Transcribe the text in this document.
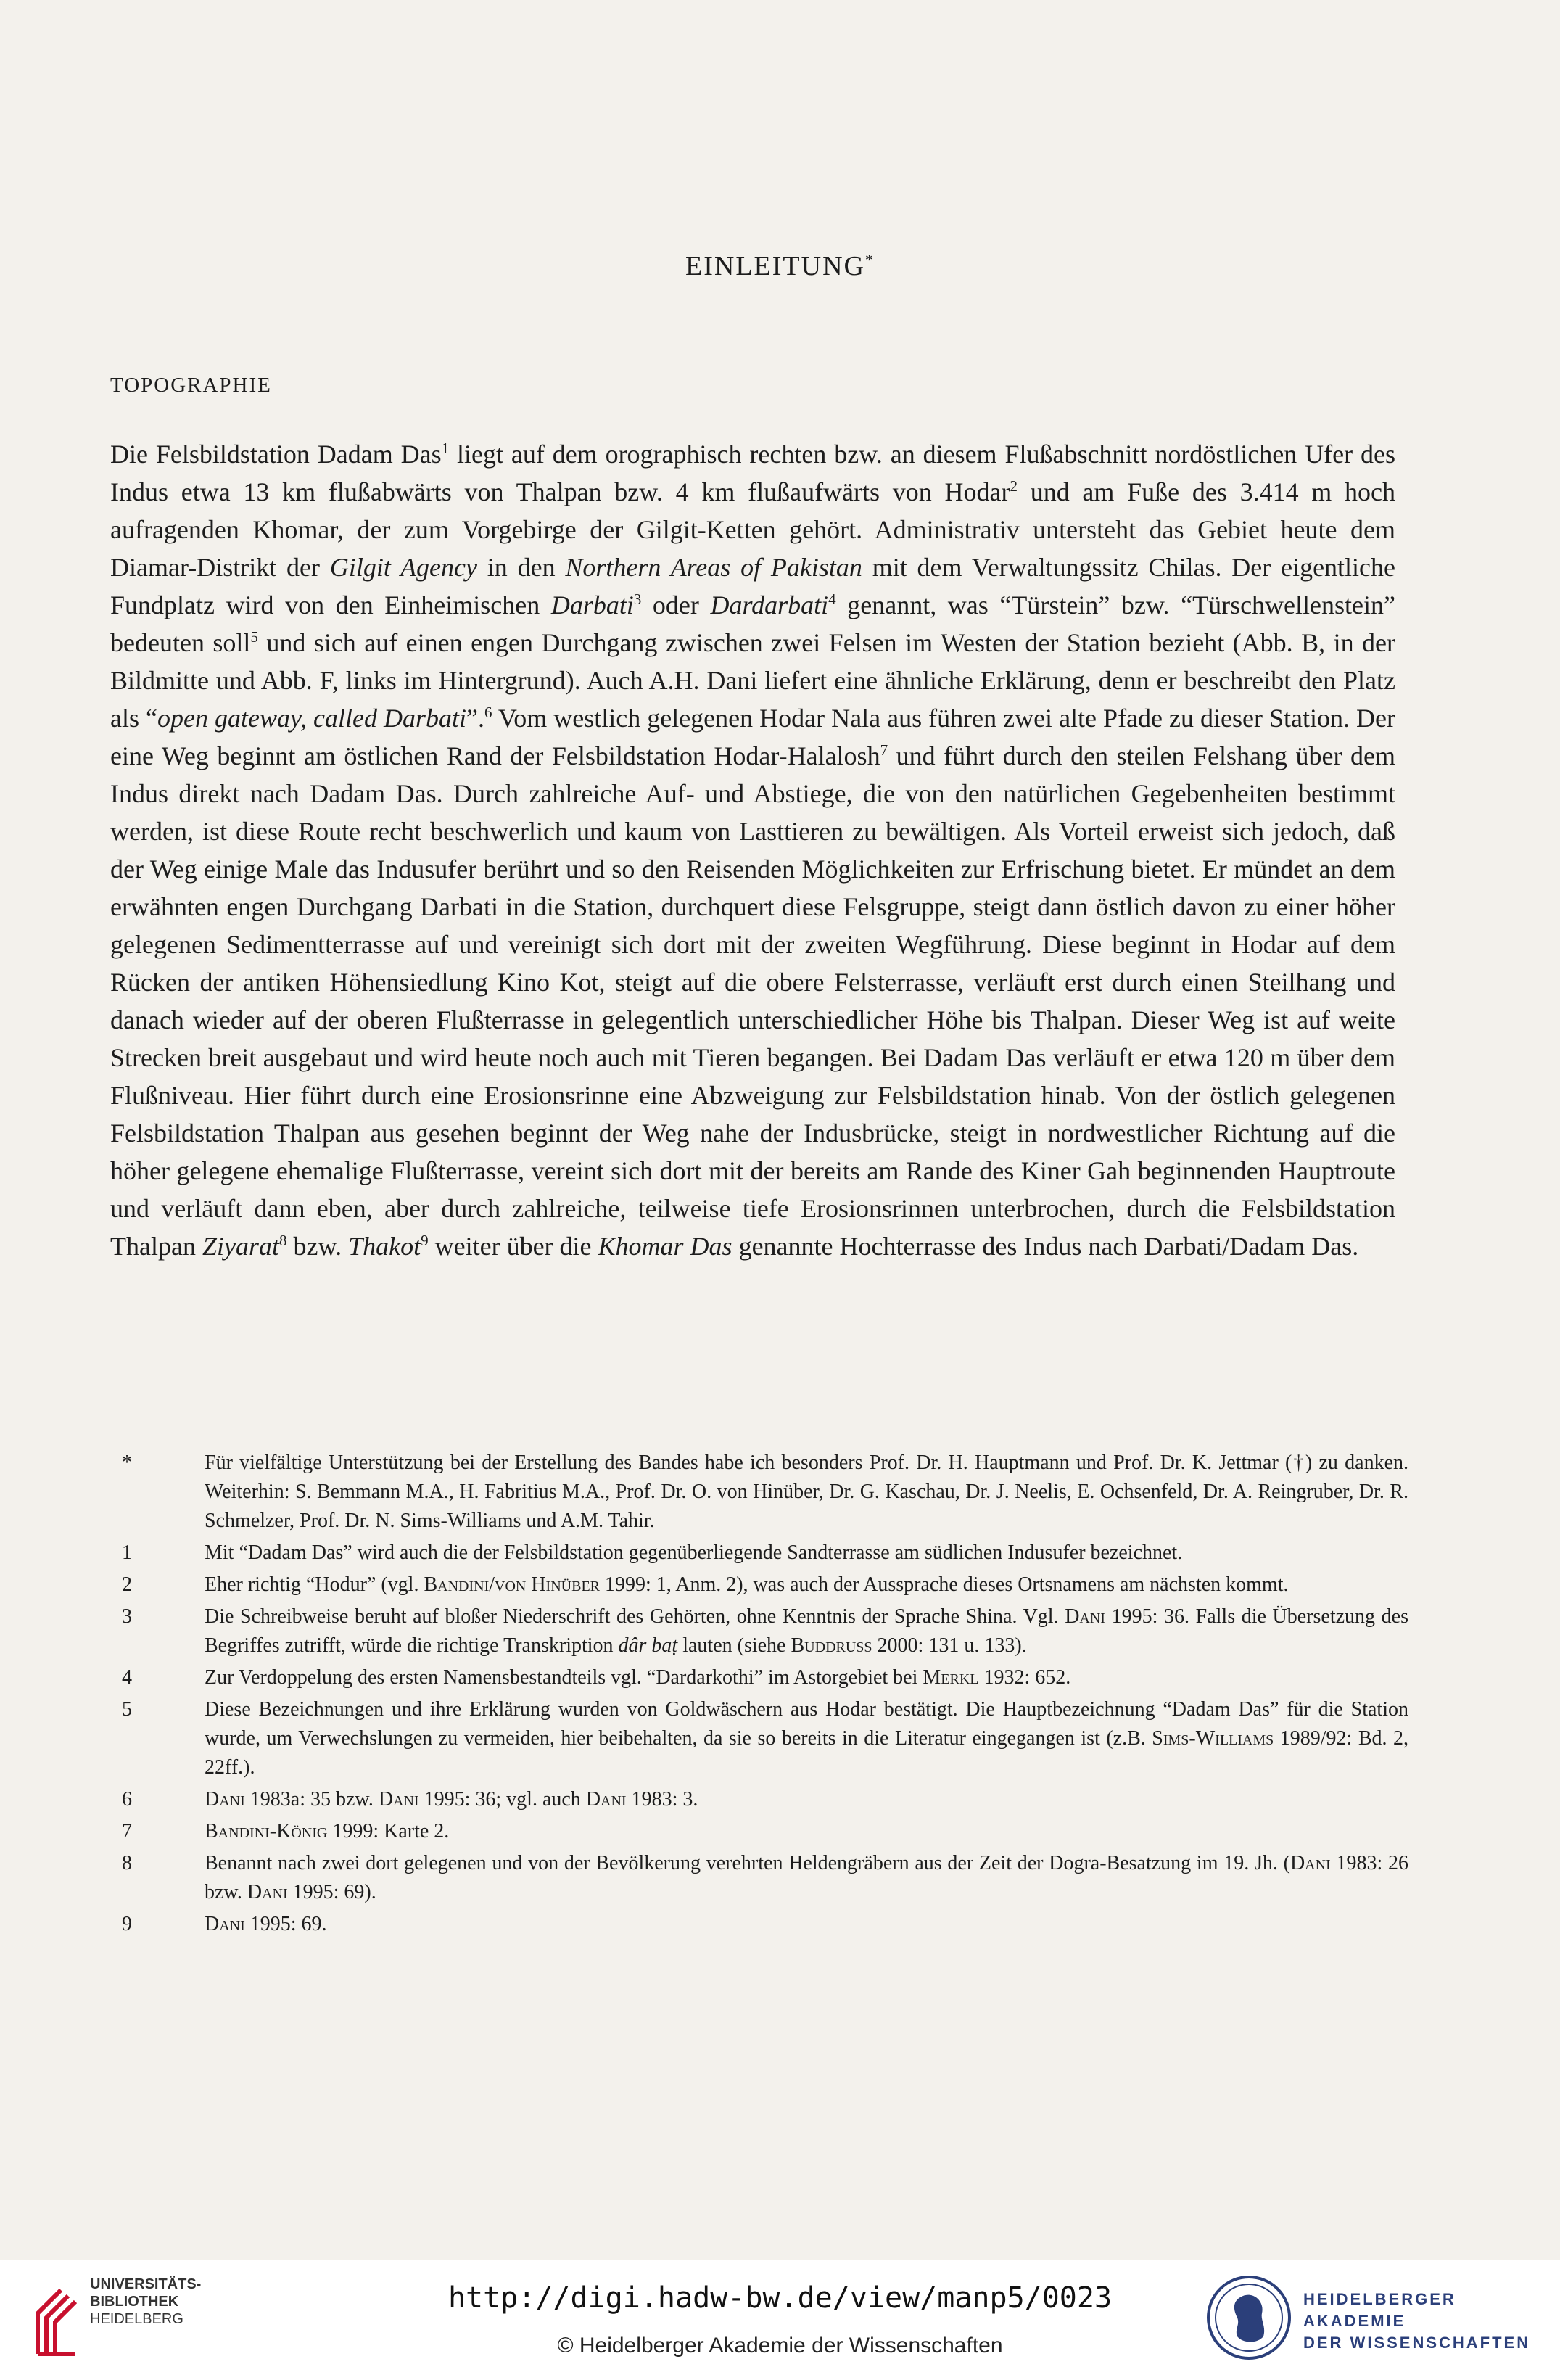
EINLEITUNG*
TOPOGRAPHIE

Die Felsbildstation Dadam Das$^1$ liegt auf dem orographisch rechten bzw. an diesem Flußabschnitt nordöstlichen Ufer des Indus etwa 13 km flußabwärts von Thalpan bzw. 4 km flußaufwärts von Hodar$^2$ und am Fuße des 3.414 m hoch aufragenden Khomar, der zum Vorgebirge der Gilgit-Ketten gehört. Administrativ untersteht das Gebiet heute dem Diamar-Distrikt der Gilgit Agency in den Northern Areas of Pakistan mit dem Verwaltungssitz Chilas. Der eigentliche Fundplatz wird von den Einheimischen Darbati$^3$ oder Dardarbati$^4$ genannt, was “Türstein” bzw. “Türschwellenstein” bedeuten soll$^5$ und sich auf einen engen Durchgang zwischen zwei Felsen im Westen der Station bezieht (Abb. B, in der Bildmitte und Abb. F, links im Hintergrund). Auch A.H. Dani liefert eine ähnliche Erklärung, denn er beschreibt den Platz als “open gateway, called Darbati”.$^6$ Vom westlich gelegenen Hodar Nala aus führen zwei alte Pfade zu dieser Station. Der eine Weg beginnt am östlichen Rand der Felsbildstation Hodar-Halalosh$^7$ und führt durch den steilen Felshang über dem Indus direkt nach Dadam Das. Durch zahlreiche Auf- und Abstiege, die von den natürlichen Gegebenheiten bestimmt werden, ist diese Route recht beschwerlich und kaum von Lasttieren zu bewältigen. Als Vorteil erweist sich jedoch, daß der Weg einige Male das Indusufer berührt und so den Reisenden Möglichkeiten zur Erfrischung bietet. Er mündet an dem erwähnten engen Durchgang Darbati in die Station, durchquert diese Felsgruppe, steigt dann östlich davon zu einer höher gelegenen Sedimentterrasse auf und vereinigt sich dort mit der zweiten Wegführung. Diese beginnt in Hodar auf dem Rücken der antiken Höhensiedlung Kino Kot, steigt auf die obere Felsterrasse, verläuft erst durch einen Steilhang und danach wieder auf der oberen Flußterrasse in gelegentlich unterschiedlicher Höhe bis Thalpan. Dieser Weg ist auf weite Strecken breit ausgebaut und wird heute noch auch mit Tieren begangen. Bei Dadam Das verläuft er etwa 120 m über dem Flußniveau. Hier führt durch eine Erosionsrinne eine Abzweigung zur Felsbildstation hinab. Von der östlich gelegenen Felsbildstation Thalpan aus gesehen beginnt der Weg nahe der Indusbrücke, steigt in nordwestlicher Richtung auf die höher gelegene ehemalige Flußterrasse, vereint sich dort mit der bereits am Rande des Kiner Gah beginnenden Hauptroute und verläuft dann eben, aber durch zahlreiche, teilweise tiefe Erosionsrinnen unterbrochen, durch die Felsbildstation Thalpan Ziyarat$^8$ bzw. Thakot$^9$ weiter über die Khomar Das genannte Hochterrasse des Indus nach Darbati/Dadam Das.

*	Für vielfältige Unterstützung bei der Erstellung des Bandes habe ich besonders Prof. Dr. H. Hauptmann und Prof. Dr. K. Jettmar (†) zu danken. Weiterhin: S. Bemmann M.A., H. Fabritius M.A., Prof. Dr. O. von Hinüber, Dr. G. Kaschau, Dr. J. Neelis, E. Ochsenfeld, Dr. A. Reingruber, Dr. R. Schmelzer, Prof. Dr. N. Sims-Williams und A.M. Tahir.
1	Mit “Dadam Das” wird auch die der Felsbildstation gegenüberliegende Sandterrasse am südlichen Indusufer bezeichnet.
2	Eher richtig “Hodur” (vgl. Bandini/von Hinüber 1999: 1, Anm. 2), was auch der Aussprache dieses Ortsnamens am nächsten kommt.
3	Die Schreibweise beruht auf bloßer Niederschrift des Gehörten, ohne Kenntnis der Sprache Shina. Vgl. Dani 1995: 36. Falls die Übersetzung des Begriffes zutrifft, würde die richtige Transkription dâr baṭ lauten (siehe Buddruss 2000: 131 u. 133).
4	Zur Verdoppelung des ersten Namensbestandteils vgl. “Dardarkothi” im Astorgebiet bei Merkl 1932: 652.
5	Diese Bezeichnungen und ihre Erklärung wurden von Goldwäschern aus Hodar bestätigt. Die Hauptbezeichnung “Dadam Das” für die Station wurde, um Verwechslungen zu vermeiden, hier beibehalten, da sie so bereits in die Literatur eingegangen ist (z.B. Sims-Williams 1989/92: Bd. 2, 22ff.).
6	Dani 1983a: 35 bzw. Dani 1995: 36; vgl. auch Dani 1983: 3.
7	Bandini-König 1999: Karte 2.
8	Benannt nach zwei dort gelegenen und von der Bevölkerung verehrten Heldengräbern aus der Zeit der Dogra-Besatzung im 19. Jh. (Dani 1983: 26 bzw. Dani 1995: 69).
9	Dani 1995: 69.
UNIVERSITÄTS-
BIBLIOTHEK
HEIDELBERG
http://digi.hadw-bw.de/view/manp5/0023
© Heidelberger Akademie der Wissenschaften
HEIDELBERGER AKADEMIE
DER WISSENSCHAFTEN
